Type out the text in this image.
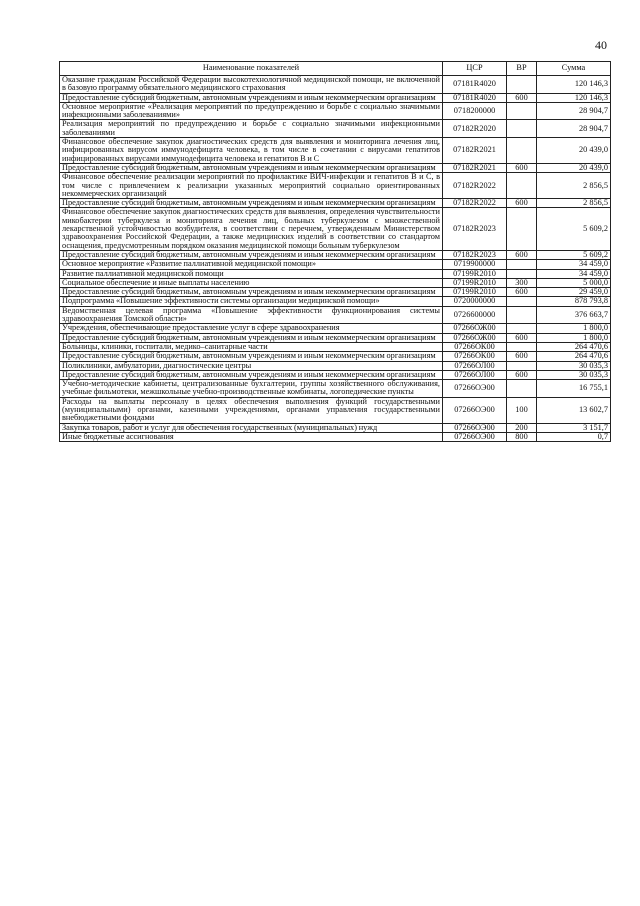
40
Наименование показателей	ЦСР	ВР	Сумма
Оказание гражданам Российской Федерации высокотехнологичной медицинской помощи, не включенной в базовую программу обязательного медицинского страхования	07181R4020		120 146,3
Предоставление субсидий бюджетным, автономным учреждениям и иным некоммерческим организациям	07181R4020	600	120 146,3
Основное мероприятие «Реализация мероприятий по предупреждению и борьбе с социально значимыми инфекционными заболеваниями»	0718200000		28 904,7
Реализация мероприятий по предупреждению и борьбе с социально значимыми инфекционными заболеваниями	07182R2020		28 904,7
Финансовое обеспечение закупок диагностических средств для выявления и мониторинга лечения лиц, инфицированных вирусом иммунодефицита человека, в том числе в сочетании с вирусами гепатитов инфицированных вирусами иммунодефицита человека и гепатитов В и С	07182R2021		20 439,0
Предоставление субсидий бюджетным, автономным учреждениям и иным некоммерческим организациям	07182R2021	600	20 439,0
Финансовое обеспечение реализации мероприятий по профилактике ВИЧ-инфекции и гепатитов В и С, в том числе с привлечением к реализации указанных мероприятий социально ориентированных некоммерческих организаций	07182R2022		2 856,5
Предоставление субсидий бюджетным, автономным учреждениям и иным некоммерческим организациям	07182R2022	600	2 856,5
Финансовое обеспечение закупок диагностических средств для выявления, определения чувствительности микобактерии туберкулеза и мониторинга лечения лиц, больных туберкулезом с множественной лекарственной устойчивостью возбудителя, в соответствии с перечнем, утвержденным Министерством здравоохранения Российской Федерации, а также медицинских изделий в соответствии со стандартом оснащения, предусмотренным порядком оказания медицинской помощи больным туберкулезом	07182R2023		5 609,2
Предоставление субсидий бюджетным, автономным учреждениям и иным некоммерческим организациям	07182R2023	600	5 609,2
Основное мероприятие «Развитие паллиативной медицинской помощи»	0719900000		34 459,0
Развитие паллиативной медицинской помощи	07199R2010		34 459,0
Социальное обеспечение и иные выплаты населению	07199R2010	300	5 000,0
Предоставление субсидий бюджетным, автономным учреждениям и иным некоммерческим организациям	07199R2010	600	29 459,0
Подпрограмма «Повышение эффективности системы организации медицинской помощи»	0720000000		878 793,8
Ведомственная целевая программа «Повышение эффективности функционирования системы здравоохранения Томской области»	0726600000		376 663,7
Учреждения, обеспечивающие предоставление услуг в сфере здравоохранения	07266ОЖ00		1 800,0
Предоставление субсидий бюджетным, автономным учреждениям и иным некоммерческим организациям	07266ОЖ00	600	1 800,0
Больницы, клиники, госпитали, медико–санитарные части	07266ОК00		264 470,6
Предоставление субсидий бюджетным, автономным учреждениям и иным некоммерческим организациям	07266ОК00	600	264 470,6
Поликлиники, амбулатории, диагностические центры	07266ОЛ00		30 035,3
Предоставление субсидий бюджетным, автономным учреждениям и иным некоммерческим организациям	07266ОЛ00	600	30 035,3
Учебно-методические кабинеты, централизованные бухгалтерии, группы хозяйственного обслуживания, учебные фильмотеки, межшкольные учебно-производственные комбинаты, логопедические пункты	07266ОЭ00		16 755,1
Расходы на выплаты персоналу в целях обеспечения выполнения функций государственными (муниципальными) органами, казенными учреждениями, органами управления государственными внебюджетными фондами	07266ОЭ00	100	13 602,7
Закупка товаров, работ и услуг для обеспечения государственных (муниципальных) нужд	07266ОЭ00	200	3 151,7
Иные бюджетные ассигнования	07266ОЭ00	800	0,7
